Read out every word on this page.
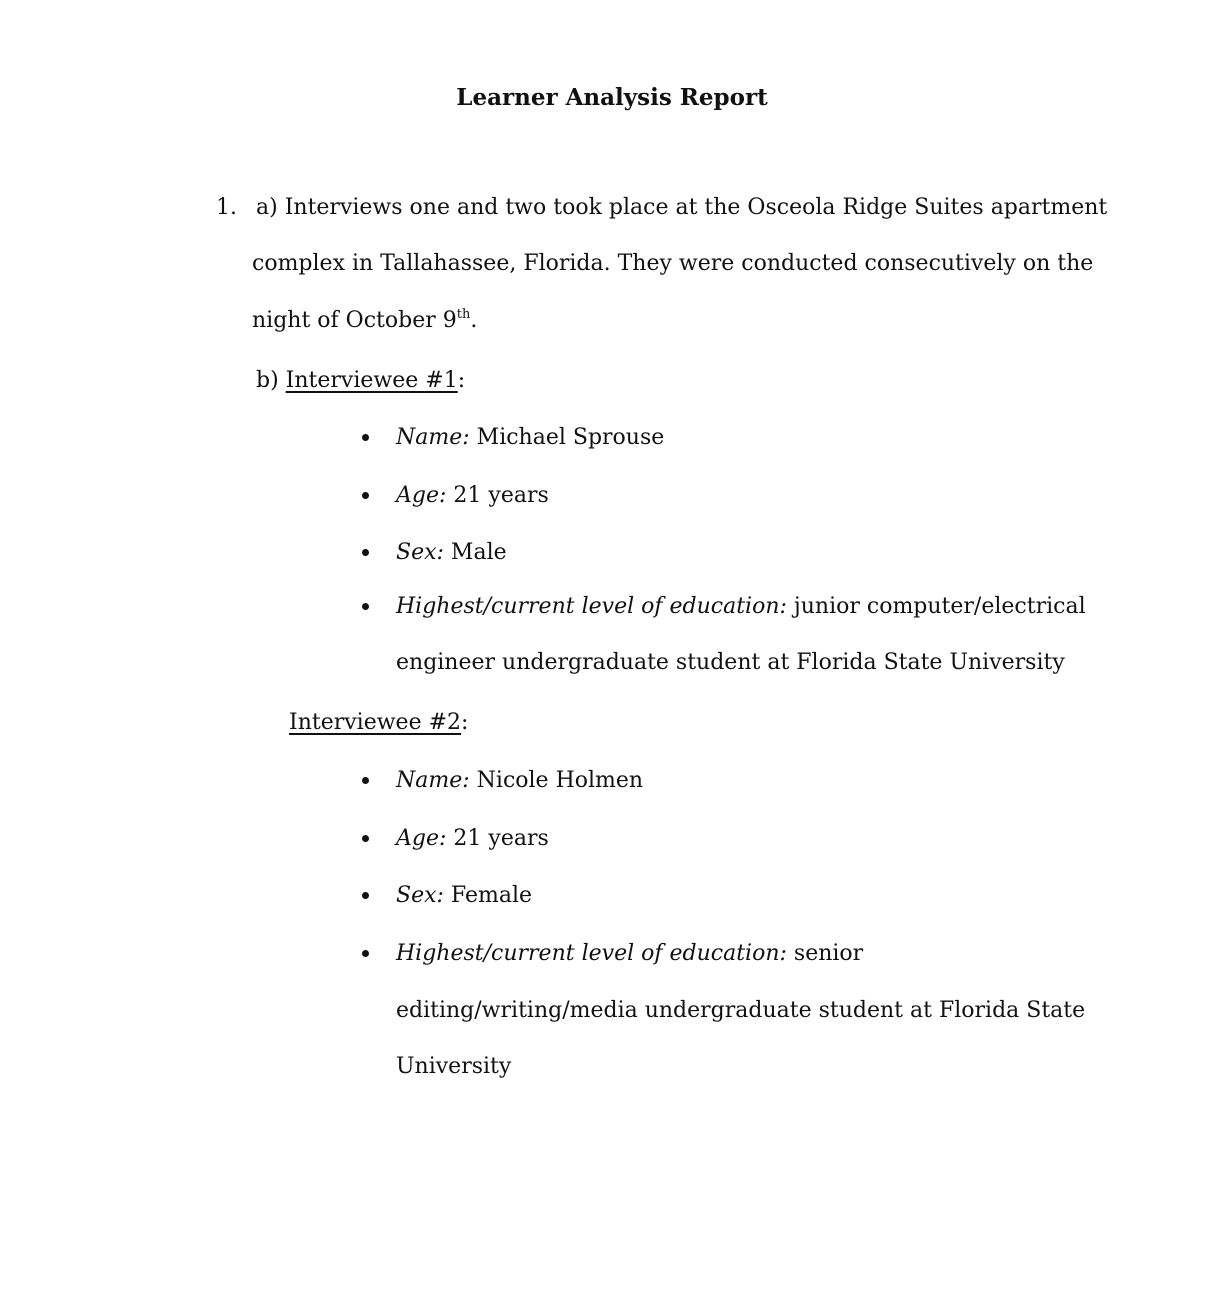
Learner Analysis Report
1. a) Interviews one and two took place at the Osceola Ridge Suites apartment
complex in Tallahassee, Florida. They were conducted consecutively on the
night of October 9th.
b) Interviewee #1:
Name: Michael Sprouse
Age: 21 years
Sex: Male
Highest/current level of education: junior computer/electrical
engineer undergraduate student at Florida State University
Interviewee #2:
Name: Nicole Holmen
Age: 21 years
Sex: Female
Highest/current level of education: senior
editing/writing/media undergraduate student at Florida State
University
